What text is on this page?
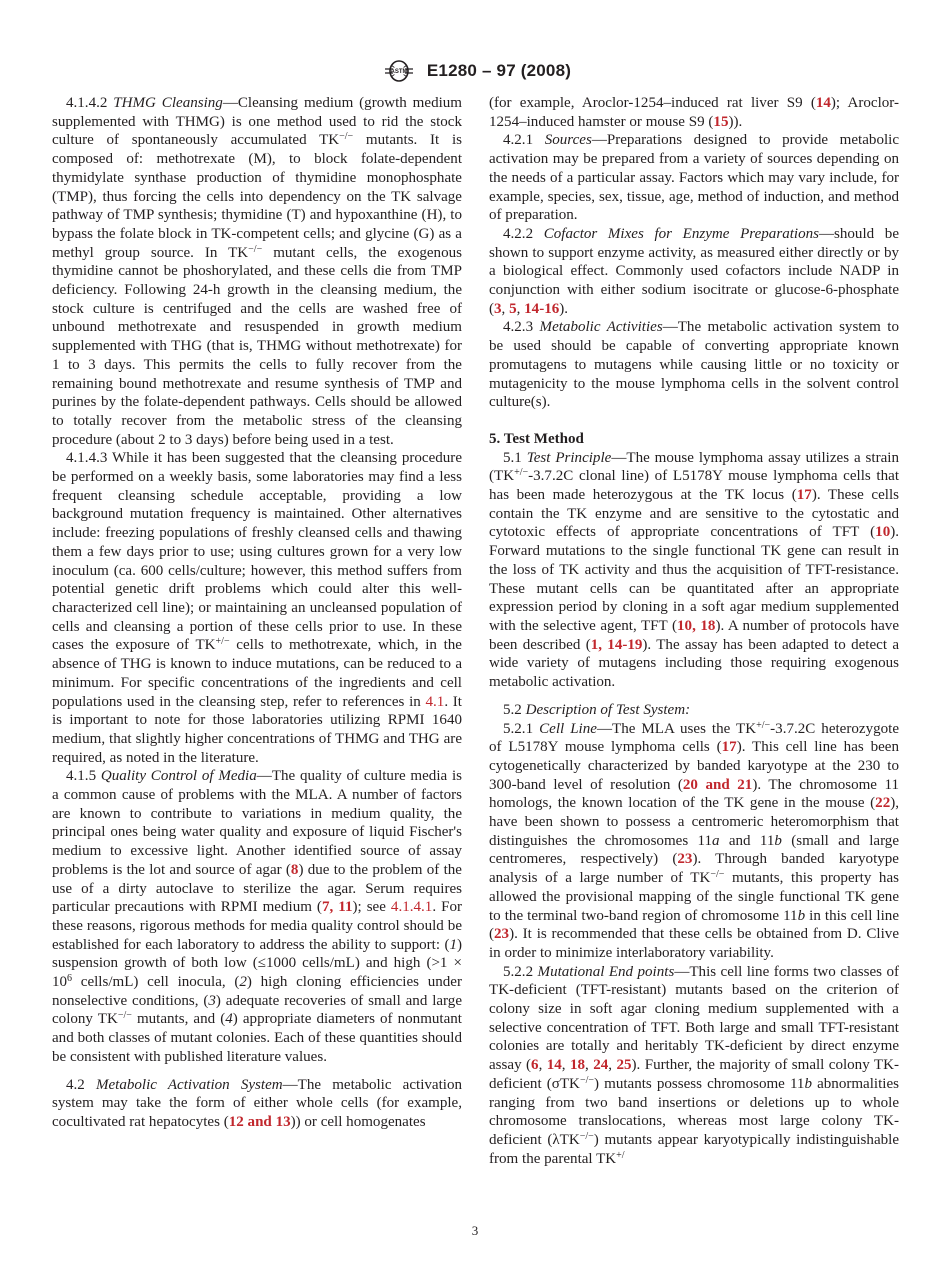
ASTM E1280 – 97 (2008)

4.1.4.2 THMG Cleansing—Cleansing medium (growth medium supplemented with THMG) is one method used to rid the stock culture of spontaneously accumulated TK−/− mutants. It is composed of: methotrexate (M), to block folate-dependent thymidylate synthase production of thymidine monophosphate (TMP), thus forcing the cells into dependency on the TK salvage pathway of TMP synthesis; thymidine (T) and hypoxanthine (H), to bypass the folate block in TK-competent cells; and glycine (G) as a methyl group source. In TK−/− mutant cells, the exogenous thymidine cannot be phoshorylated, and these cells die from TMP deficiency. Following 24-h growth in the cleansing medium, the stock culture is centrifuged and the cells are washed free of unbound methotrexate and resuspended in growth medium supplemented with THG (that is, THMG without methotrexate) for 1 to 3 days. This permits the cells to fully recover from the remaining bound methotrexate and resume synthesis of TMP and purines by the folate-dependent pathways. Cells should be allowed to totally recover from the metabolic stress of the cleansing procedure (about 2 to 3 days) before being used in a test.

4.1.4.3 While it has been suggested that the cleansing procedure be performed on a weekly basis, some laboratories may find a less frequent cleansing schedule acceptable, providing a low background mutation frequency is maintained. Other alternatives include: freezing populations of freshly cleansed cells and thawing them a few days prior to use; using cultures grown for a very low inoculum (ca. 600 cells/culture; however, this method suffers from potential genetic drift problems which could alter this well-characterized cell line); or maintaining an uncleansed population of cells and cleansing a portion of these cells prior to use. In these cases the exposure of TK+/− cells to methotrexate, which, in the absence of THG is known to induce mutations, can be reduced to a minimum. For specific concentrations of the ingredients and cell populations used in the cleansing step, refer to references in 4.1. It is important to note for those laboratories utilizing RPMI 1640 medium, that slightly higher concentrations of THMG and THG are required, as noted in the literature.

4.1.5 Quality Control of Media—The quality of culture media is a common cause of problems with the MLA. A number of factors are known to contribute to variations in medium quality, the principal ones being water quality and exposure of liquid Fischer's medium to excessive light. Another identified source of assay problems is the lot and source of agar (8) due to the problem of the use of a dirty autoclave to sterilize the agar. Serum requires particular precautions with RPMI medium (7, 11); see 4.1.4.1. For these reasons, rigorous methods for media quality control should be established for each laboratory to address the ability to support: (1) suspension growth of both low (≤1000 cells/mL) and high ($>1 \times 10^6$ cells/mL) cell inocula, (2) high cloning efficiencies under nonselective conditions, (3) adequate recoveries of small and large colony TK−/− mutants, and (4) appropriate diameters of nonmutant and both classes of mutant colonies. Each of these quantities should be consistent with published literature values.

4.2 Metabolic Activation System—The metabolic activation system may take the form of either whole cells (for example, cocultivated rat hepatocytes (12 and 13)) or cell homogenates

(for example, Aroclor-1254–induced rat liver S9 (14); Aroclor-1254–induced hamster or mouse S9 (15)).

4.2.1 Sources—Preparations designed to provide metabolic activation may be prepared from a variety of sources depending on the needs of a particular assay. Factors which may vary include, for example, species, sex, tissue, age, method of induction, and method of preparation.

4.2.2 Cofactor Mixes for Enzyme Preparations—should be shown to support enzyme activity, as measured either directly or by a biological effect. Commonly used cofactors include NADP in conjunction with either sodium isocitrate or glucose-6-phosphate (3, 5, 14-16).

4.2.3 Metabolic Activities—The metabolic activation system to be used should be capable of converting appropriate known promutagens to mutagens while causing little or no toxicity or mutagenicity to the mouse lymphoma cells in the solvent control culture(s).

5. Test Method

5.1 Test Principle—The mouse lymphoma assay utilizes a strain (TK+/−-3.7.2C clonal line) of L5178Y mouse lymphoma cells that has been made heterozygous at the TK locus (17). These cells contain the TK enzyme and are sensitive to the cytostatic and cytotoxic effects of appropriate concentrations of TFT (10). Forward mutations to the single functional TK gene can result in the loss of TK activity and thus the acquisition of TFT-resistance. These mutant cells can be quantitated after an appropriate expression period by cloning in a soft agar medium supplemented with the selective agent, TFT (10, 18). A number of protocols have been described (1, 14-19). The assay has been adapted to detect a wide variety of mutagens including those requiring exogenous metabolic activation.

5.2 Description of Test System:

5.2.1 Cell Line—The MLA uses the TK+/−-3.7.2C heterozygote of L5178Y mouse lymphoma cells (17). This cell line has been cytogenetically characterized by banded karyotype at the 230 to 300-band level of resolution (20 and 21). The chromosome 11 homologs, the known location of the TK gene in the mouse (22), have been shown to possess a centromeric heteromorphism that distinguishes the chromosomes 11a and 11b (small and large centromeres, respectively) (23). Through banded karyotype analysis of a large number of TK−/− mutants, this property has allowed the provisional mapping of the single functional TK gene to the terminal two-band region of chromosome 11b in this cell line (23). It is recommended that these cells be obtained from D. Clive in order to minimize interlaboratory variability.

5.2.2 Mutational End points—This cell line forms two classes of TK-deficient (TFT-resistant) mutants based on the criterion of colony size in soft agar cloning medium supplemented with a selective concentration of TFT. Both large and small TFT-resistant colonies are totally and heritably TK-deficient by direct enzyme assay (6, 14, 18, 24, 25). Further, the majority of small colony TK-deficient (σTK−/−) mutants possess chromosome 11b abnormalities ranging from two band insertions or deletions up to whole chromosome translocations, whereas most large colony TK-deficient (λTK−/−) mutants appear karyotypically indistinguishable from the parental TK+/

3
